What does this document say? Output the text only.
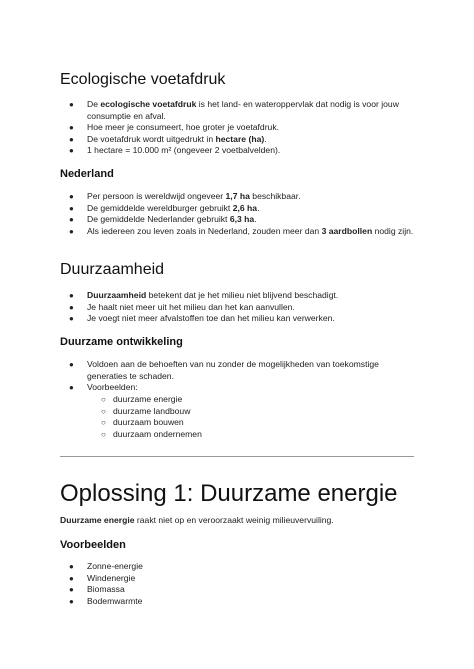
Ecologische voetafdruk
● De ecologische voetafdruk is het land- en wateroppervlak dat nodig is voor jouw consumptie en afval.
● Hoe meer je consumeert, hoe groter je voetafdruk.
● De voetafdruk wordt uitgedrukt in hectare (ha).
● 1 hectare = 10.000 m² (ongeveer 2 voetbalvelden).
Nederland
● Per persoon is wereldwijd ongeveer 1,7 ha beschikbaar.
● De gemiddelde wereldburger gebruikt 2,6 ha.
● De gemiddelde Nederlander gebruikt 6,3 ha.
● Als iedereen zou leven zoals in Nederland, zouden meer dan 3 aardbollen nodig zijn.
Duurzaamheid
● Duurzaamheid betekent dat je het milieu niet blijvend beschadigt.
● Je haalt niet meer uit het milieu dan het kan aanvullen.
● Je voegt niet meer afvalstoffen toe dan het milieu kan verwerken.
Duurzame ontwikkeling
● Voldoen aan de behoeften van nu zonder de mogelijkheden van toekomstige generaties te schaden.
● Voorbeelden:
○ duurzame energie
○ duurzame landbouw
○ duurzaam bouwen
○ duurzaam ondernemen
Oplossing 1: Duurzame energie

Duurzame energie raakt niet op en veroorzaakt weinig milieuvervuiling.

Voorbeelden
● Zonne-energie
● Windenergie
● Biomassa
● Bodemwarmte
